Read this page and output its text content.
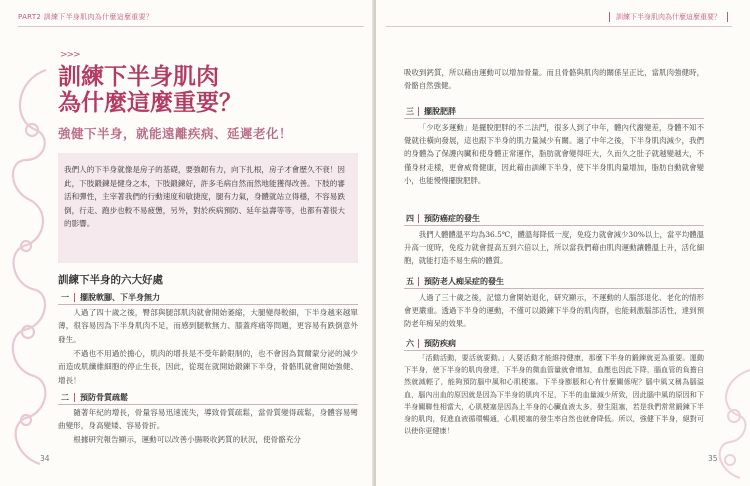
PART2 訓練下半身肌肉為什麼這麼重要？
>>>
訓練下半身肌肉
為什麼這麼重要？
強健下半身，就能遠離疾病、延遲老化！
我們人的下半身就像是房子的基礎，要強韌有力，向下扎根，房子才會歷久不衰！因此，下肢鍛鍊是健身之本，下肢鍛鍊好，許多毛病自然而然地能獲得改善。下肢的審活和彈性，主宰著我們的行動速度和敏捷度，腿有力氣，身體就站立得穩，不容易跌倒，行走、跑步也較不易疲憊，另外，對於疾病預防、延年益壽等等，也都有著很大的影響。
訓練下半身的六大好處
一	擺脫軟腳、下半身無力
人過了四十歲之後，臀部與腿部肌肉就會開始萎縮，大腿變得較細，下半身越來越單薄，很容易因為下半身肌肉不足，而感到腿軟無力、膝蓋疼痛等問題，更容易有跌倒意外發生。
不過也不用過於擔心，肌肉的增長是不受年齡限制的，也不會因為賀爾蒙分泌的減少而造成肌纖維細胞的停止生長，因此，從現在就開始鍛鍊下半身，骨骼肌就會開始強健、增長！
二	預防骨質疏鬆
隨著年紀的增長，骨量容易迅速流失，導致骨質疏鬆，當骨質變得疏鬆，身體容易彎曲變形，身高變矮、容易骨折。
根據研究報告顯示，運動可以改善小腸吸收鈣質的狀況，使骨骼充分
34
訓練下半身肌肉為什麼這麼重要？
吸收到鈣質，所以藉由運動可以增加骨量。而且骨骼與肌肉的關係呈正比，當肌肉強健時，骨骼自然強健。
三 擺脫肥胖
「少吃多運動」是擺脫肥胖的不二法門，很多人到了中年，體內代謝變差，身體不知不覺就往橫向發展，這也跟下半身的肌力量減少有關。過了中年之後，下半身肌肉減少，我們的身體為了保護內臟和使身體正常運作，脂肪就會變得旺大，久而久之肚子就越變越大，不僅身材走樣，更會威脅健康，因此藉由訓練下半身，使下半身肌肉量增加，脂肪自動就會變小，也能慢慢擺脫肥胖。
四 預防癌症的發生
我們人體體溫平均為36.5℃，體溫每降低一度，免疫力就會減少30%以上，當平均體溫升高一度時，免疫力就會提高五到六倍以上，所以當我們藉由肌肉運動讓體溫上升，活化細胞，就能打造不易生病的體質。
五 預防老人痴呆症的發生
人過了三十歲之後，記憶力會開始退化，研究顯示，不運動的人腦部退化、老化的情形會更嚴重。透過下半身的運動，不僅可以鍛鍊下半身的肌肉群，也能刺激腦部活性，達到預防老年痴呆的效果。
六 預防疾病
「活動活動，要活就要動。」人要活動才能維持健康，那麼下半身的鍛鍊就更為重要。運動下半身，使下半身的肌肉發達，下半身的微血管量就會增加，血壓也因此下降，腦血管的負擔自然就減輕了，能夠預防腦中風和心肌梗塞。下半身膨脹和心有什麼關係呢？腦中風又稱為腦溢血，腦內出血的原因就是因為下半身的肌肉不足，下半的血量減少所致，因此腦中風的原因和下半身關聯性相當大，心肌梗塞是因為上半身的心臟血液太多，發生阻塞，若是我們常常鍛鍊下半身的肌肉，促進血液循環暢通，心肌梗塞的發生率自然也就會降低。所以，強健下半身，絕對可以使你更健康！
35
